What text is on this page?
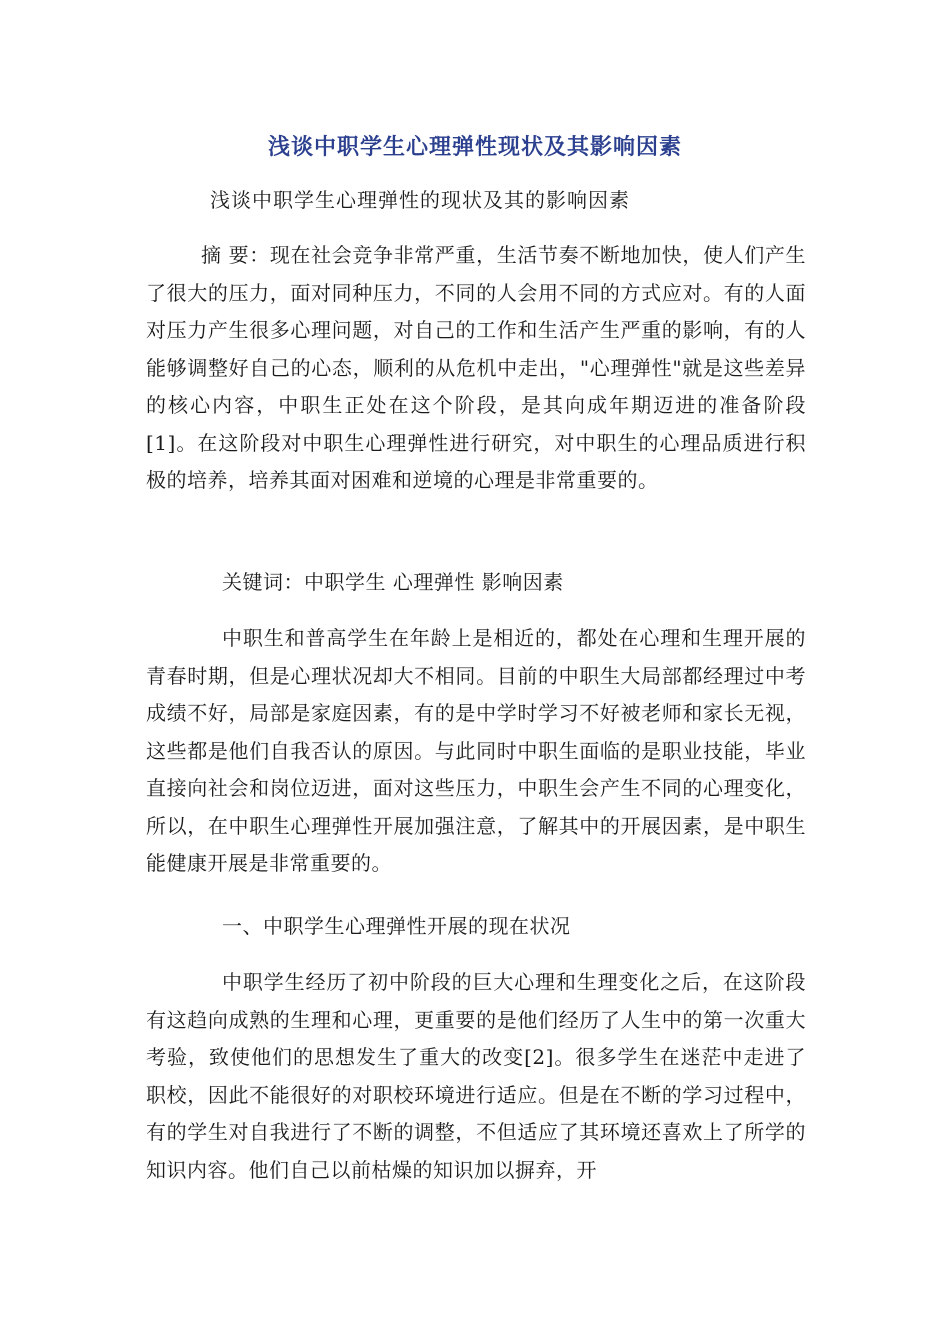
浅谈中职学生心理弹性现状及其影响因素
浅谈中职学生心理弹性的现状及其的影响因素
摘 要：现在社会竞争非常严重，生活节奏不断地加快，使人们产生了很大的压力，面对同种压力，不同的人会用不同的方式应对。有的人面对压力产生很多心理问题，对自己的工作和生活产生严重的影响，有的人能够调整好自己的心态，顺利的从危机中走出，"心理弹性"就是这些差异的核心内容，中职生正处在这个阶段，是其向成年期迈进的准备阶段[1]。在这阶段对中职生心理弹性进行研究，对中职生的心理品质进行积极的培养，培养其面对困难和逆境的心理是非常重要的。
关键词：中职学生 心理弹性 影响因素
中职生和普高学生在年龄上是相近的，都处在心理和生理开展的青春时期，但是心理状况却大不相同。目前的中职生大局部都经理过中考成绩不好，局部是家庭因素，有的是中学时学习不好被老师和家长无视，这些都是他们自我否认的原因。与此同时中职生面临的是职业技能，毕业直接向社会和岗位迈进，面对这些压力，中职生会产生不同的心理变化，所以，在中职生心理弹性开展加强注意，了解其中的开展因素，是中职生能健康开展是非常重要的。
一、中职学生心理弹性开展的现在状况
中职学生经历了初中阶段的巨大心理和生理变化之后，在这阶段有这趋向成熟的生理和心理，更重要的是他们经历了人生中的第一次重大考验，致使他们的思想发生了重大的改变[2]。很多学生在迷茫中走进了职校，因此不能很好的对职校环境进行适应。但是在不断的学习过程中，有的学生对自我进行了不断的调整，不但适应了其环境还喜欢上了所学的知识内容。他们自己以前枯燥的知识加以摒弃，开
